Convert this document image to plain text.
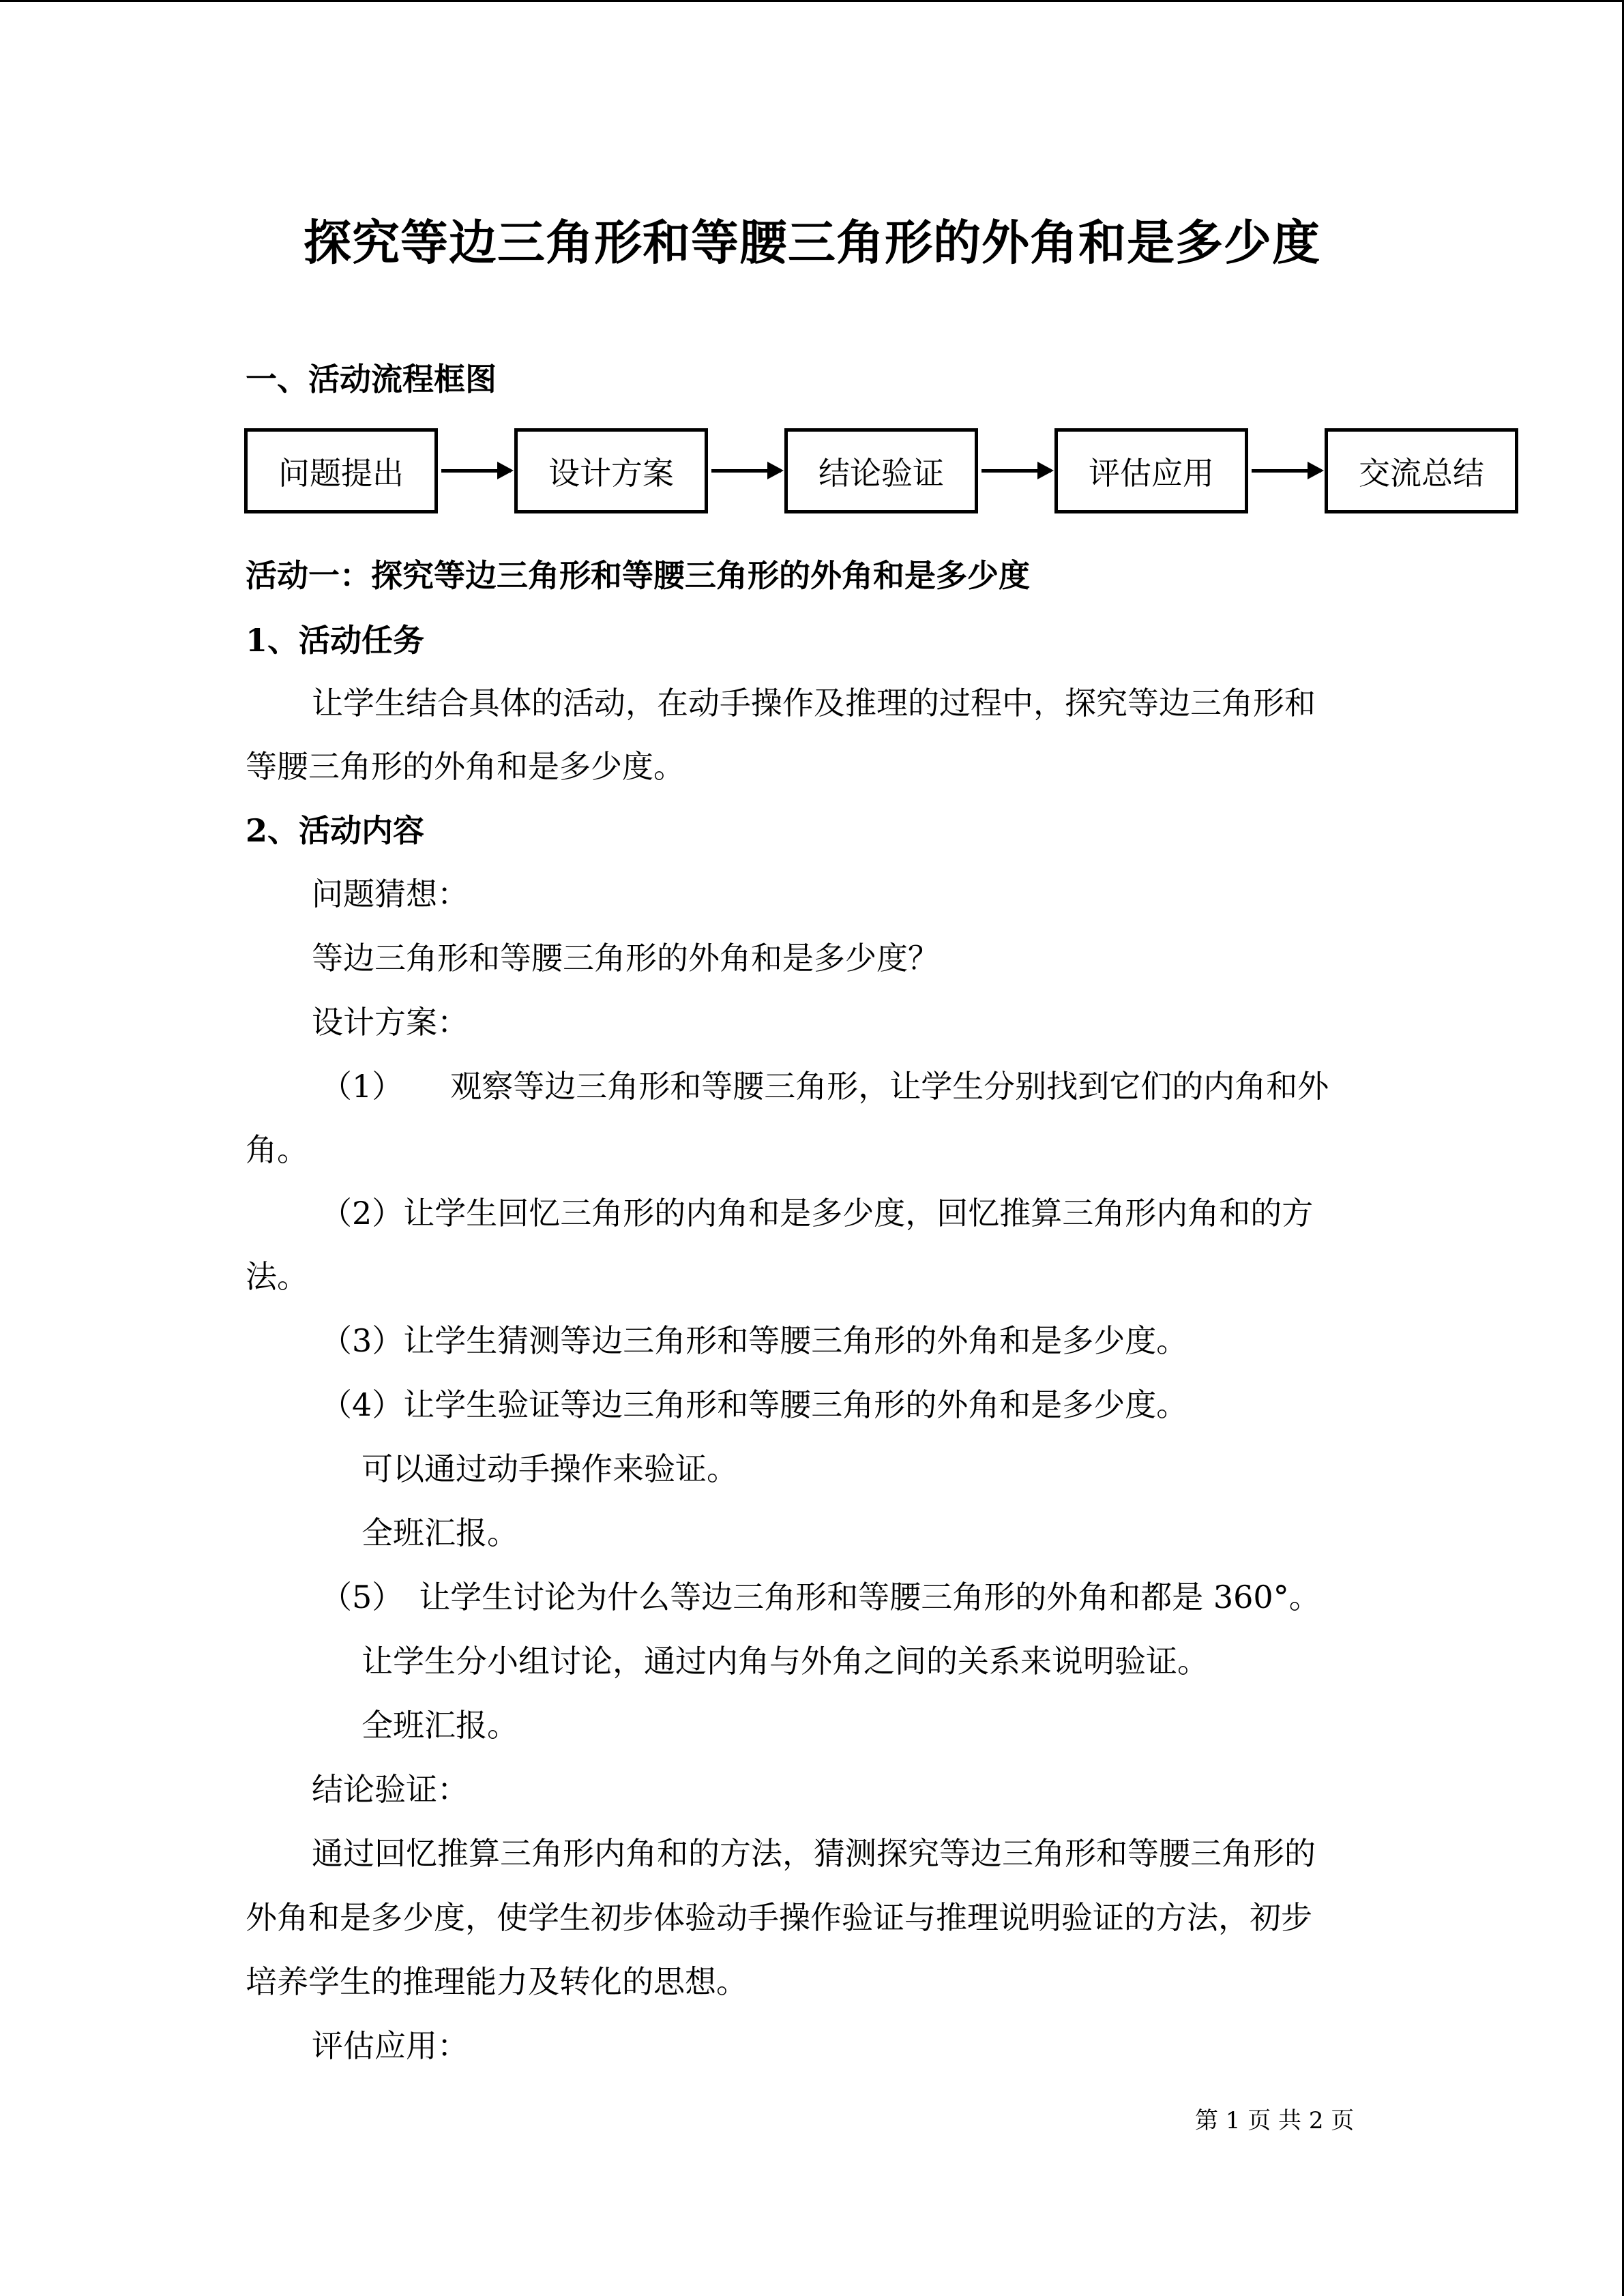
探究等边三角形和等腰三角形的外角和是多少度
一、活动流程框图
问题提出	设计方案	结论验证	评估应用	交流总结
活动一：探究等边三角形和等腰三角形的外角和是多少度
1、活动任务
让学生结合具体的活动，在动手操作及推理的过程中，探究等边三角形和
等腰三角形的外角和是多少度。
2、活动内容
问题猜想：
等边三角形和等腰三角形的外角和是多少度？
设计方案：
（1）　　观察等边三角形和等腰三角形，让学生分别找到它们的内角和外
角。
（2）让学生回忆三角形的内角和是多少度，回忆推算三角形内角和的方
法。
（3）让学生猜测等边三角形和等腰三角形的外角和是多少度。
（4）让学生验证等边三角形和等腰三角形的外角和是多少度。
可以通过动手操作来验证。
全班汇报。
（5）　让学生讨论为什么等边三角形和等腰三角形的外角和都是 360°。
让学生分小组讨论，通过内角与外角之间的关系来说明验证。
全班汇报。
结论验证：
通过回忆推算三角形内角和的方法，猜测探究等边三角形和等腰三角形的
外角和是多少度，使学生初步体验动手操作验证与推理说明验证的方法，初步
培养学生的推理能力及转化的思想。
评估应用：
第 1 页 共 2 页
